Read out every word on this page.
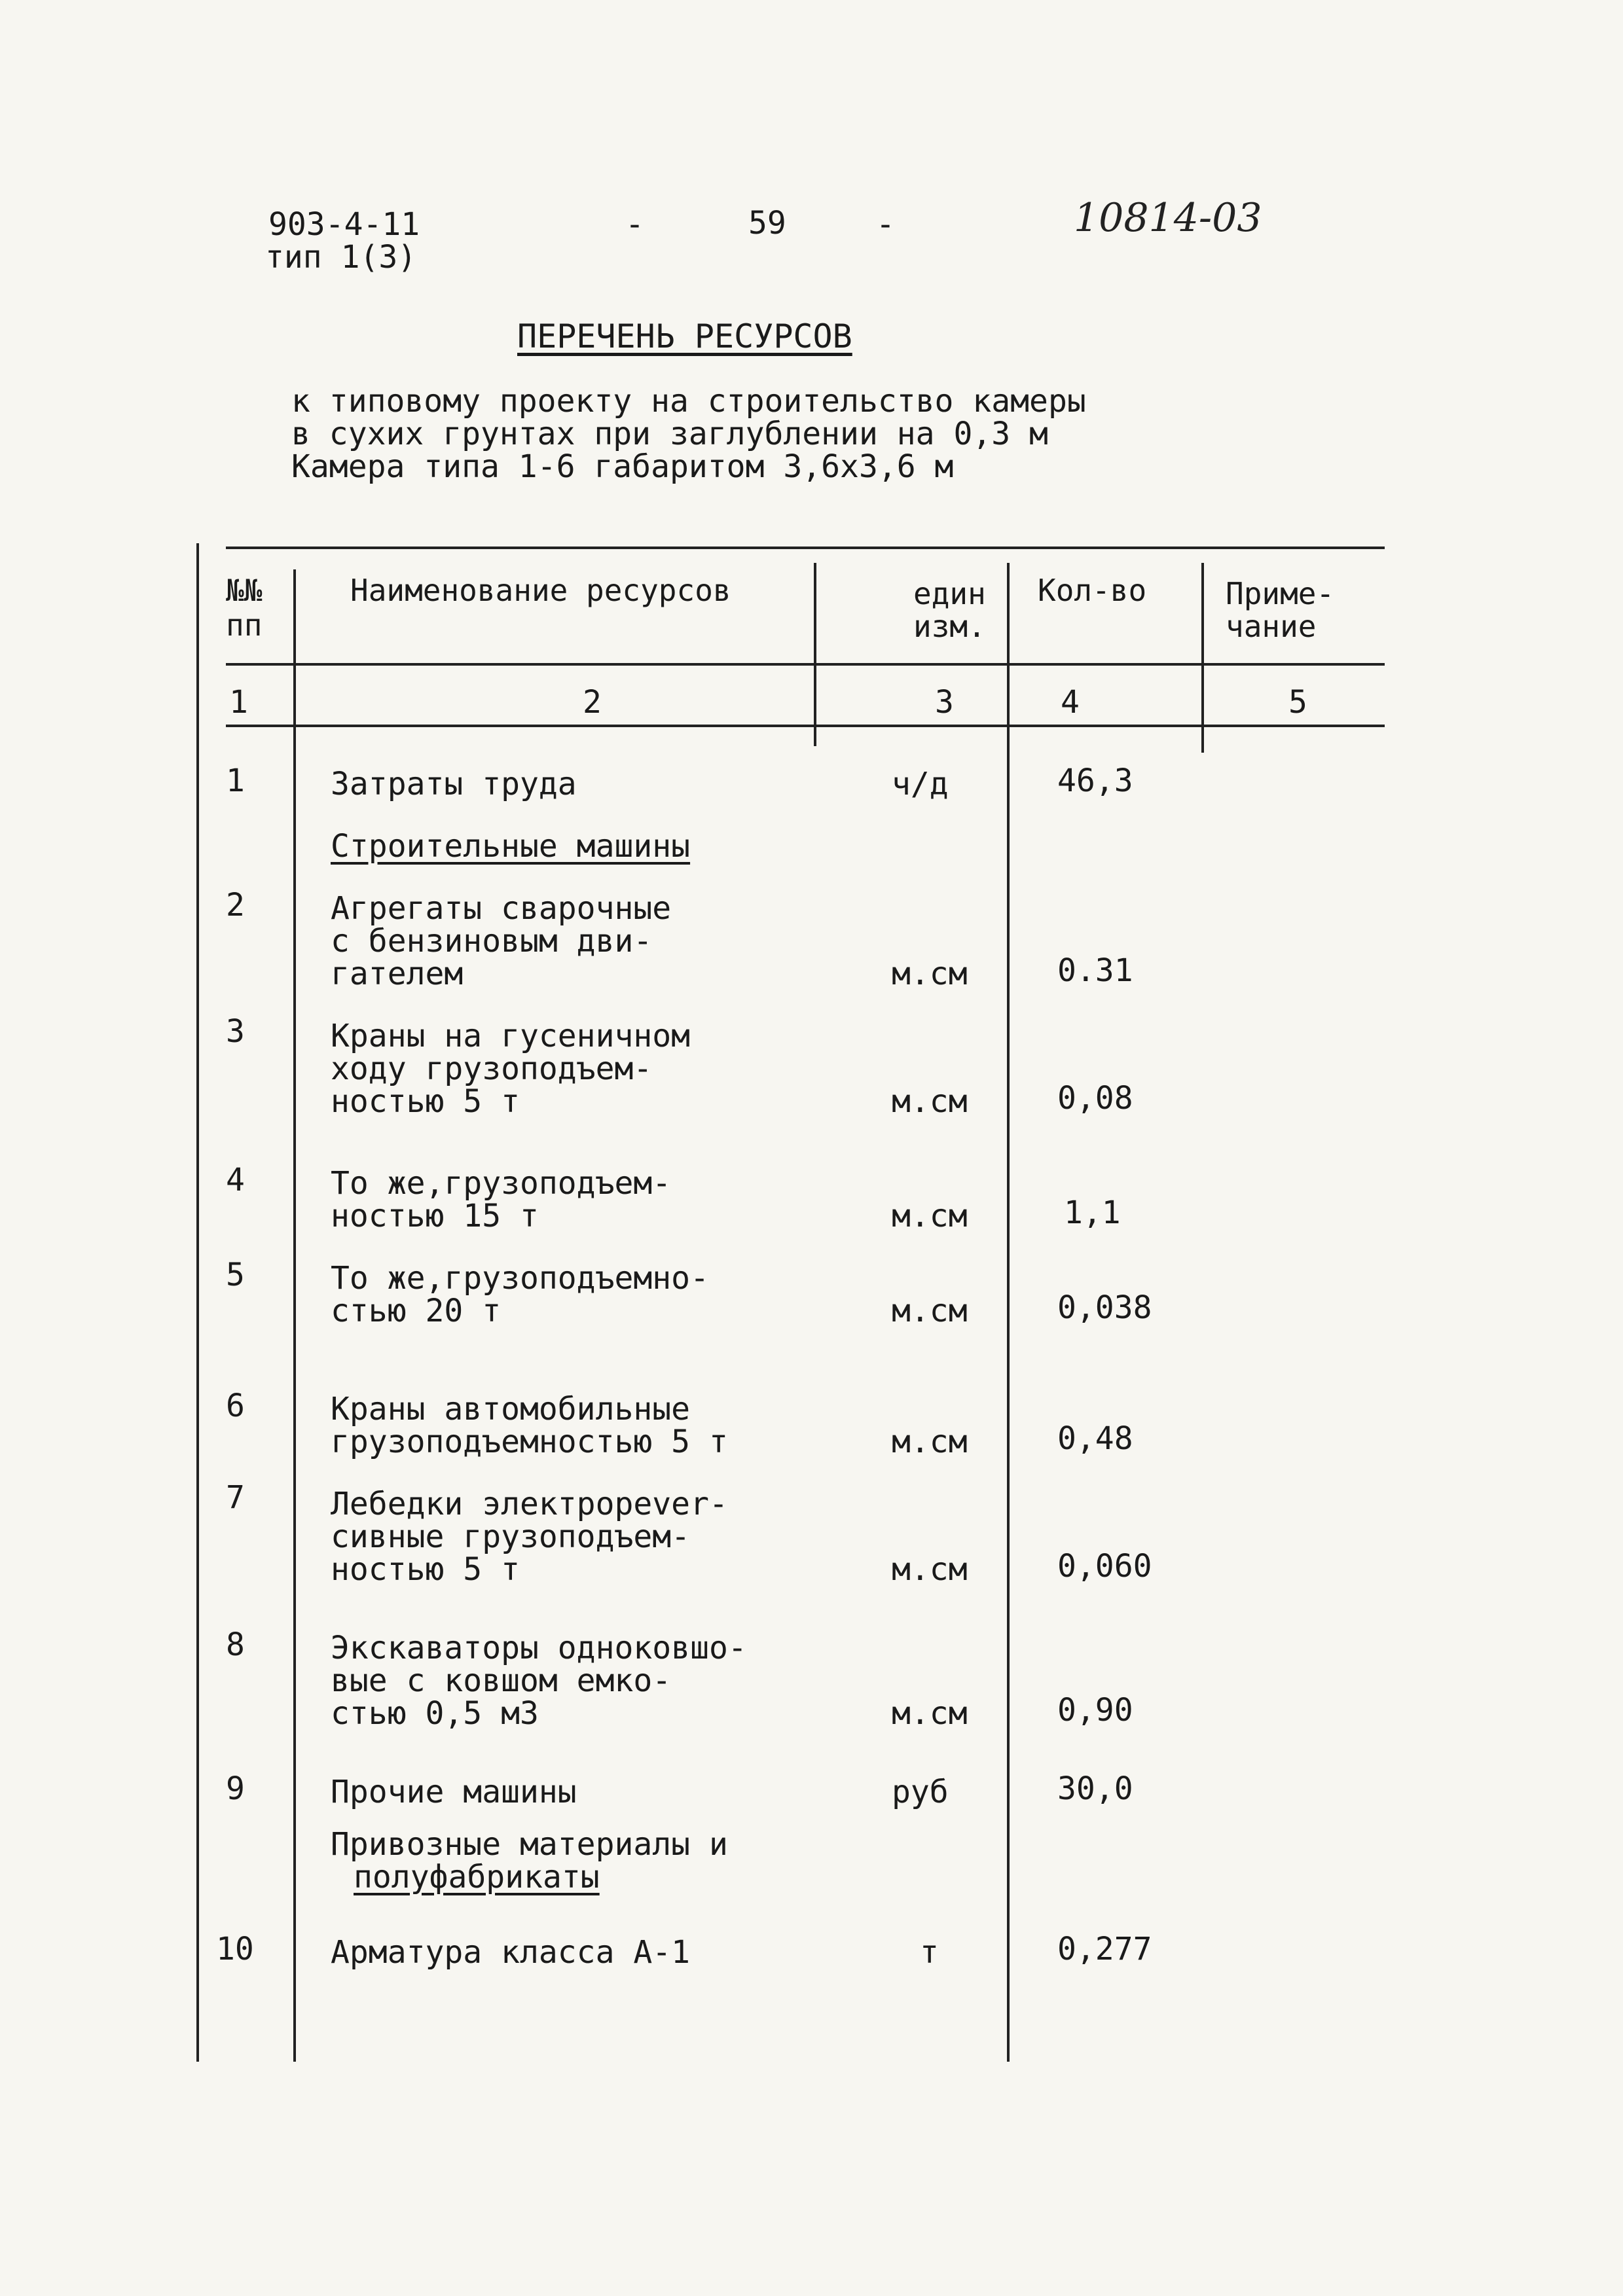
903-4-11
тип 1(3)
-	59	-	10814-03
ПЕРЕЧЕНЬ РЕСУРСОВ
к типовому проекту на строительство камеры
в сухих грунтах при заглублении на 0,3 м
Камера типа 1-6 габаритом 3,6х3,6 м
№№
пп
Наименование ресурсов	един
изм.
Кол-во	Приме-
чание
1	2	3	4	5
1	Затраты труда	ч/д	46,3
Строительные машины
2	Агрегаты сварочные
с бензиновым дви-
гателем	м.см	0.31
3	Краны на гусеничном
ходу грузоподъем-
ностью 5 т	м.см	0,08
4	То же,грузоподъем-
ностью 15 т	м.см	1,1
5	То же,грузоподъемно-
стью 20 т	м.см	0,038
6	Краны автомобильные
грузоподъемностью 5 т	м.см	0,48
7	Лебедки электрорever-
сивные грузоподъем-
ностью 5 т	м.см	0,060
8	Экскаваторы одноковшо-
вые с ковшом емко-
стью 0,5 м3	м.см	0,90
9	Прочие машины	руб	30,0
Привозные материалы и
полуфабрикаты
10 Арматура класса А-1	т	0,277
